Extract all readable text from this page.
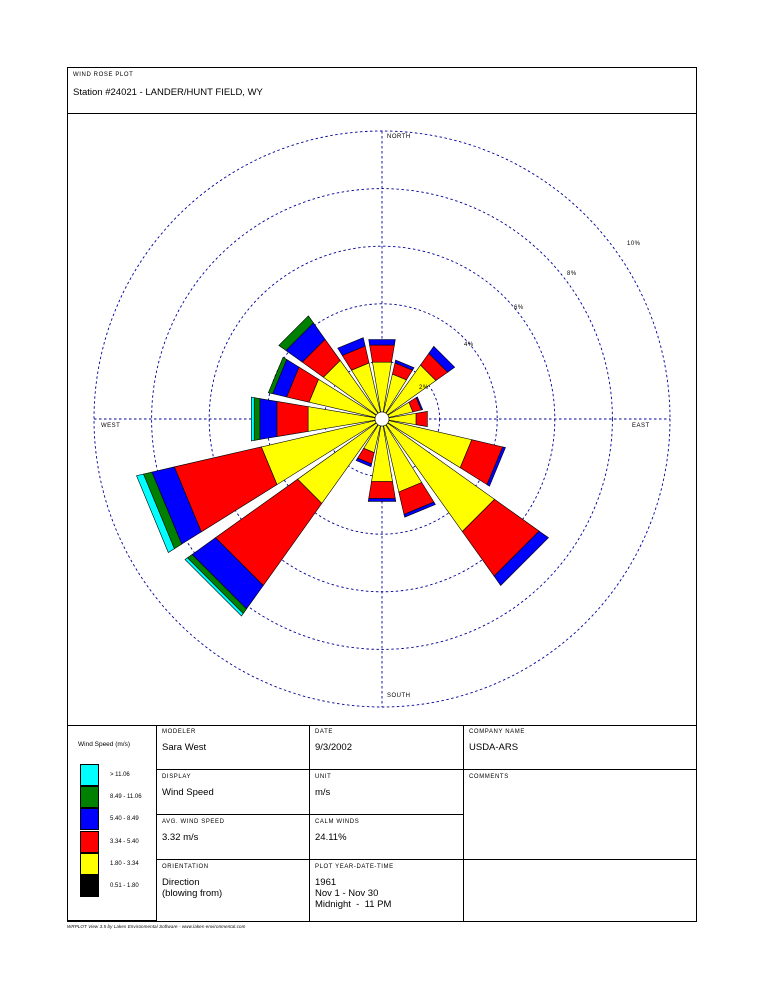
WIND ROSE PLOT
Station #24021 - LANDER/HUNT FIELD, WY
NORTH
SOUTH
EAST
WEST
2%
4%
6%
8%
10%
Wind Speed (m/s)
> 11.06
8.49 - 11.06
5.40 - 8.49
3.34 - 5.40
1.80 - 3.34
0.51 - 1.80
MODELER
Sara West
DATE
9/3/2002
COMPANY NAME
USDA-ARS
DISPLAY
Wind Speed
UNIT
m/s
COMMENTS
AVG. WIND SPEED
3.32 m/s
CALM WINDS
24.11%
ORIENTATION
Direction
(blowing from)
PLOT YEAR-DATE-TIME
1961
Nov 1 - Nov 30
Midnight  -  11 PM
WRPLOT View 3.5 by Lakes Environmental Software - www.lakes-environmental.com
